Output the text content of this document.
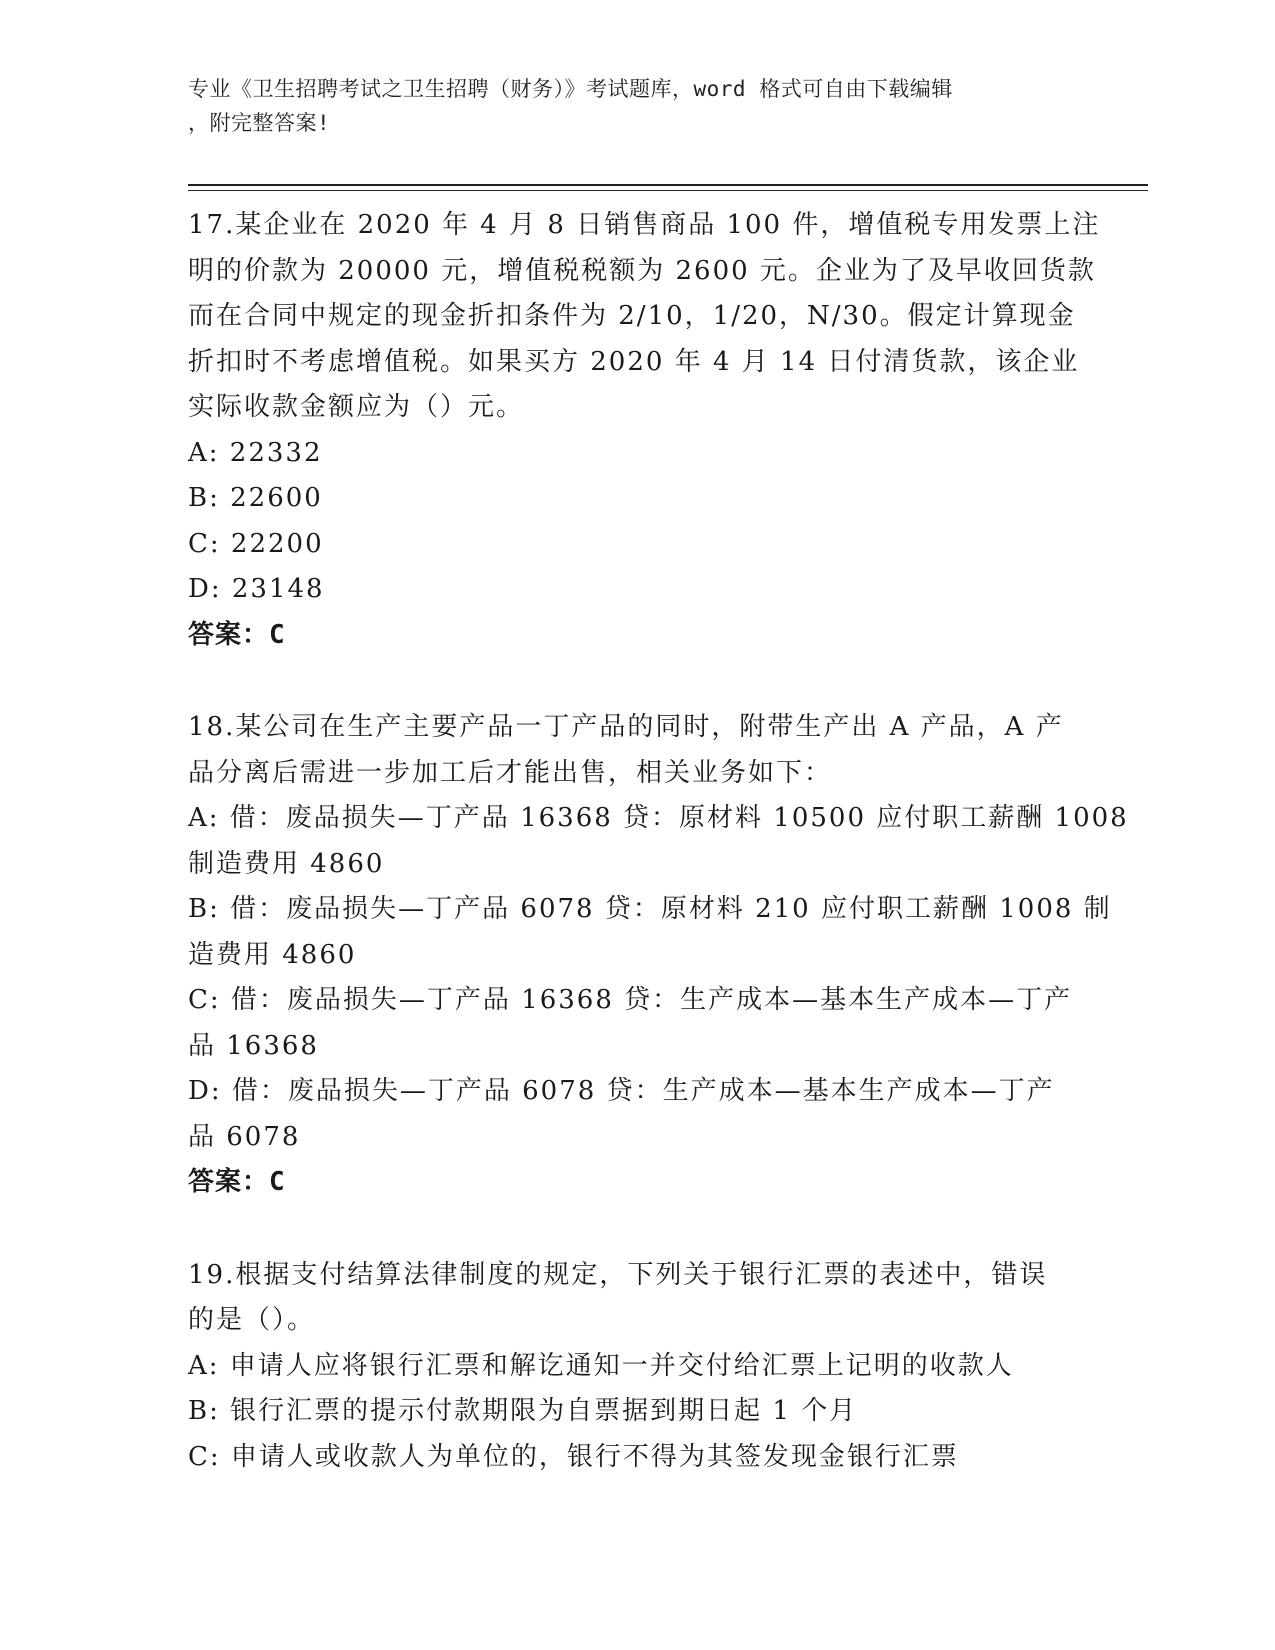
专业《卫生招聘考试之卫生招聘（财务）》考试题库，word 格式可自由下载编辑
，附完整答案!
17.某企业在 2020 年 4 月 8 日销售商品 100 件，增值税专用发票上注
明的价款为 20000 元，增值税税额为 2600 元。企业为了及早收回货款
而在合同中规定的现金折扣条件为 2/10，1/20，N/30。假定计算现金
折扣时不考虑增值税。如果买方 2020 年 4 月 14 日付清货款，该企业
实际收款金额应为（）元。
A: 22332
B: 22600
C: 22200
D: 23148
答案：C
18.某公司在生产主要产品一丁产品的同时，附带生产出 A 产品，A 产
品分离后需进一步加工后才能出售，相关业务如下：
A: 借：废品损失—丁产品 16368 贷：原材料 10500 应付职工薪酬 1008
制造费用 4860
B: 借：废品损失—丁产品 6078 贷：原材料 210 应付职工薪酬 1008 制
造费用 4860
C: 借：废品损失—丁产品 16368 贷：生产成本—基本生产成本—丁产
品 16368
D: 借：废品损失—丁产品 6078 贷：生产成本—基本生产成本—丁产
品 6078
答案：C
19.根据支付结算法律制度的规定，下列关于银行汇票的表述中，错误
的是（）。
A: 申请人应将银行汇票和解讫通知一并交付给汇票上记明的收款人
B: 银行汇票的提示付款期限为自票据到期日起 1 个月
C: 申请人或收款人为单位的，银行不得为其签发现金银行汇票
